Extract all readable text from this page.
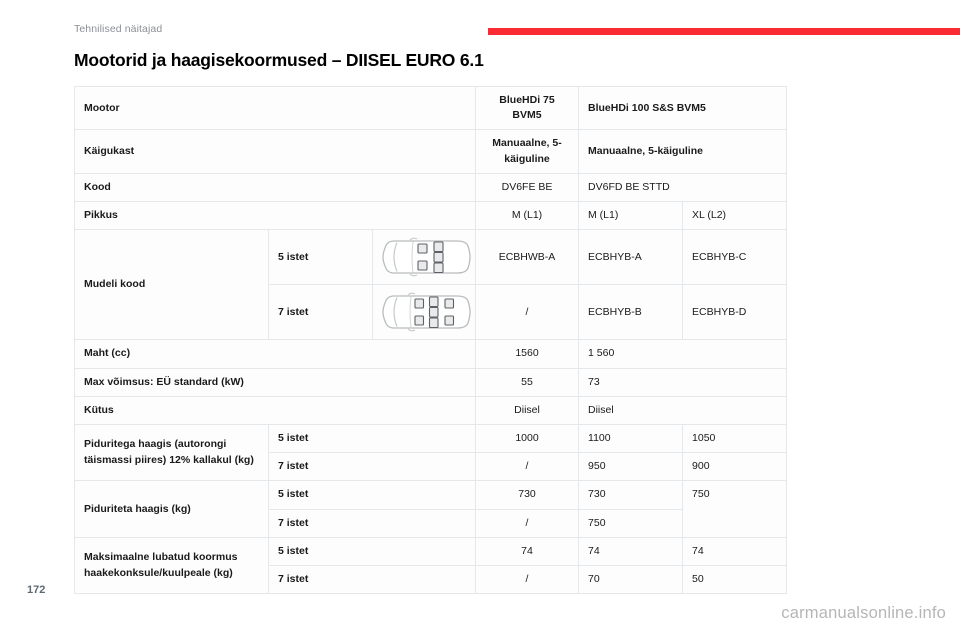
Tehnilised näitajad
Mootorid ja haagisekoormused – DIISEL EURO 6.1
Mootor			BlueHDi 75 BVM5	BlueHDi 100 S&S BVM5	
Käigukast			Manuaalne, 5-käiguline	Manuaalne, 5-käiguline	
Kood			DV6FE BE	DV6FD BE STTD	
Pikkus			M (L1)	M (L1)	XL (L2)
Mudeli kood	5 istet		ECBHWB-A	ECBHYB-A	ECBHYB-C
	7 istet		/	ECBHYB-B	ECBHYB-D
Maht (cc)			1560	1 560	
Max võimsus: EÜ standard (kW)			55	73	
Kütus			Diisel	Diisel	
Piduritega haagis (autorongi täismassi piires) 12% kallakul (kg)	5 istet		1000	1100	1050
	7 istet		/	950	900
Piduriteta haagis (kg)	5 istet		730	730	750
	7 istet		/	750	
Maksimaalne lubatud koormus haakekonksule/kuulpeale (kg)	5 istet		74	74	74
	7 istet		/	70	50
172
carmanualsonline.info
